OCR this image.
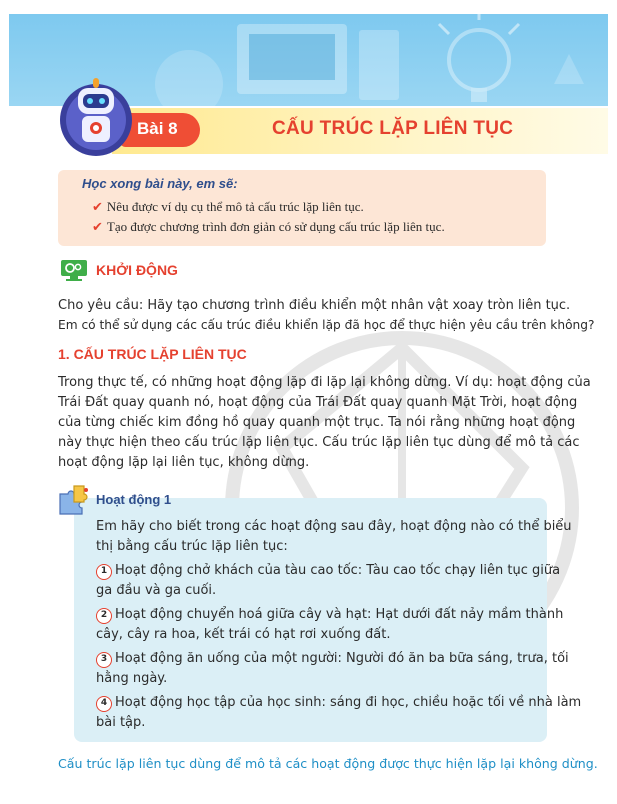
Bài 8	CẤU TRÚC LẶP LIÊN TỤC
Học xong bài này, em sẽ:
✔ Nêu được ví dụ cụ thể mô tả cấu trúc lặp liên tục.
✔ Tạo được chương trình đơn giản có sử dụng cấu trúc lặp liên tục.
KHỞI ĐỘNG
Cho yêu cầu: Hãy tạo chương trình điều khiển một nhân vật xoay tròn liên tục.
Em có thể sử dụng các cấu trúc điều khiển lặp đã học để thực hiện yêu cầu trên không?
1. CẤU TRÚC LẶP LIÊN TỤC
Trong thực tế, có những hoạt động lặp đi lặp lại không dừng. Ví dụ: hoạt động của
Trái Đất quay quanh nó, hoạt động của Trái Đất quay quanh Mặt Trời, hoạt động
của từng chiếc kim đồng hồ quay quanh một trục. Ta nói rằng những hoạt động
này thực hiện theo cấu trúc lặp liên tục. Cấu trúc lặp liên tục dùng để mô tả các
hoạt động lặp lại liên tục, không dừng.
Hoạt động 1
Em hãy cho biết trong các hoạt động sau đây, hoạt động nào có thể biểu
thị bằng cấu trúc lặp liên tục:
1 Hoạt động chở khách của tàu cao tốc: Tàu cao tốc chạy liên tục giữa
ga đầu và ga cuối.
2 Hoạt động chuyển hoá giữa cây và hạt: Hạt dưới đất nảy mầm thành
cây, cây ra hoa, kết trái có hạt rơi xuống đất.
3 Hoạt động ăn uống của một người: Người đó ăn ba bữa sáng, trưa, tối
hằng ngày.
4 Hoạt động học tập của học sinh: sáng đi học, chiều hoặc tối về nhà làm
bài tập.
Cấu trúc lặp liên tục dùng để mô tả các hoạt động được thực hiện lặp lại không dừng.
